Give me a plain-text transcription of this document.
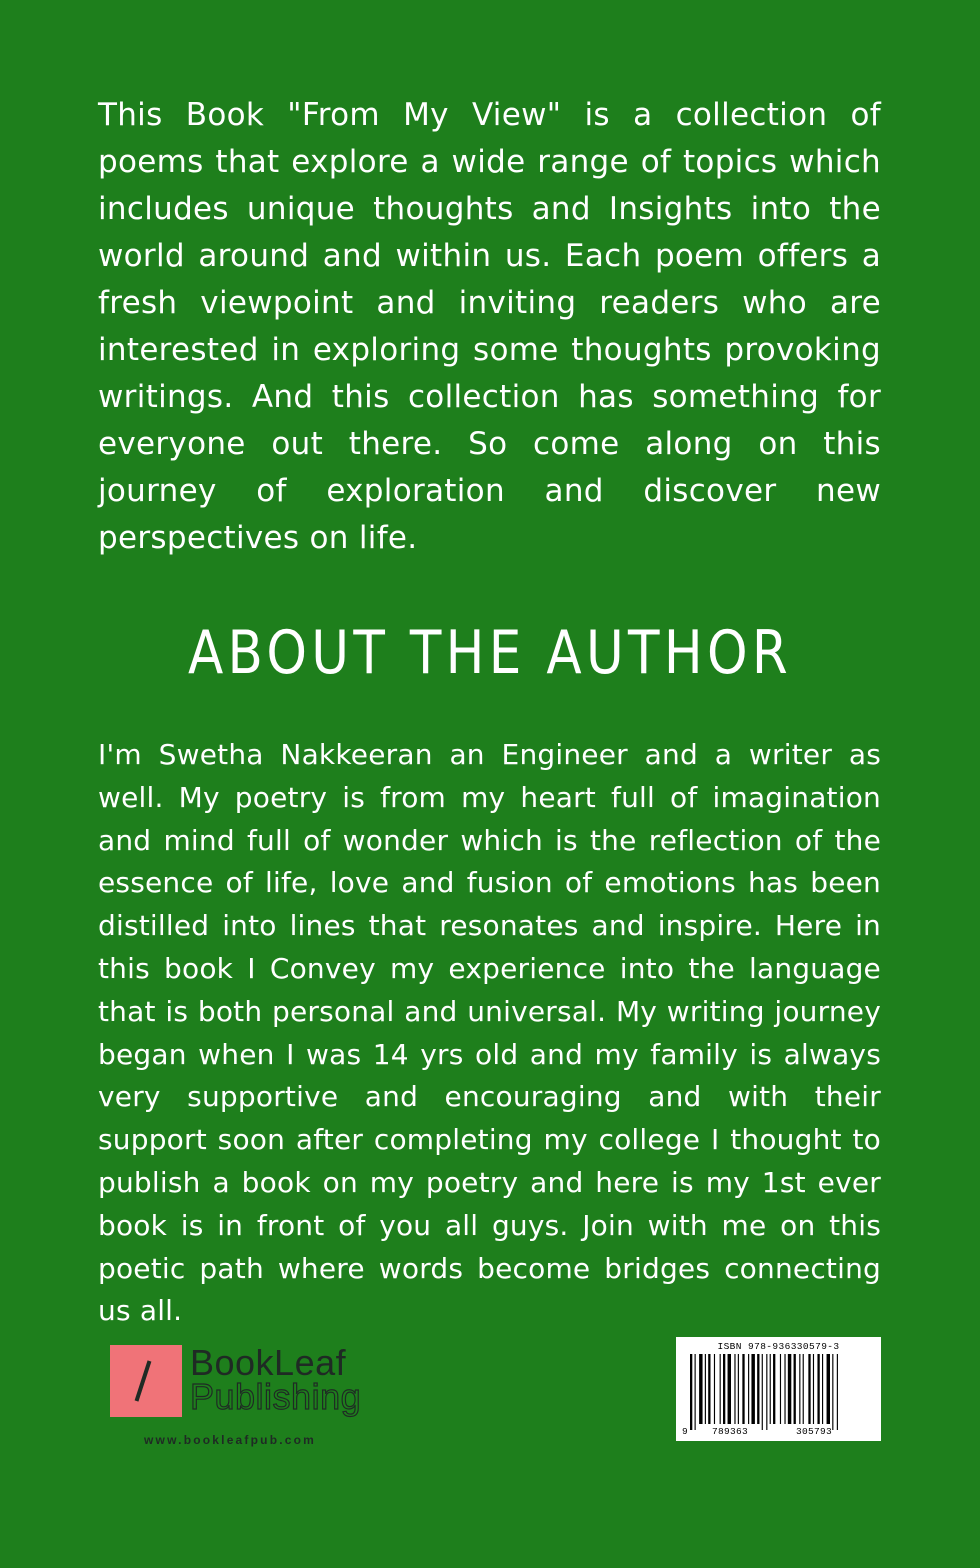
This Book "From My View" is a collection of poems that explore a wide range of topics which includes unique thoughts and Insights into the world around and within us. Each poem offers a fresh viewpoint and inviting readers who are interested in exploring some thoughts provoking writings. And this collection has something for everyone out there. So come along on this journey of exploration and discover new perspectives on life.

ABOUT THE AUTHOR

I'm Swetha Nakkeeran an Engineer and a writer as well. My poetry is from my heart full of imagination and mind full of wonder which is the reflection of the essence of life, love and fusion of emotions has been distilled into lines that resonates and inspire. Here in this book I Convey my experience into the language that is both personal and universal. My writing journey began when I was 14 yrs old and my family is always very supportive and encouraging and with their support soon after completing my college I thought to publish a book on my poetry and here is my 1st ever book is in front of you all guys. Join with me on this poetic path where words become bridges connecting us all.

BookLeaf
Publishing
www.bookleafpub.com
ISBN 978-936330579-3
9	789363	305793
